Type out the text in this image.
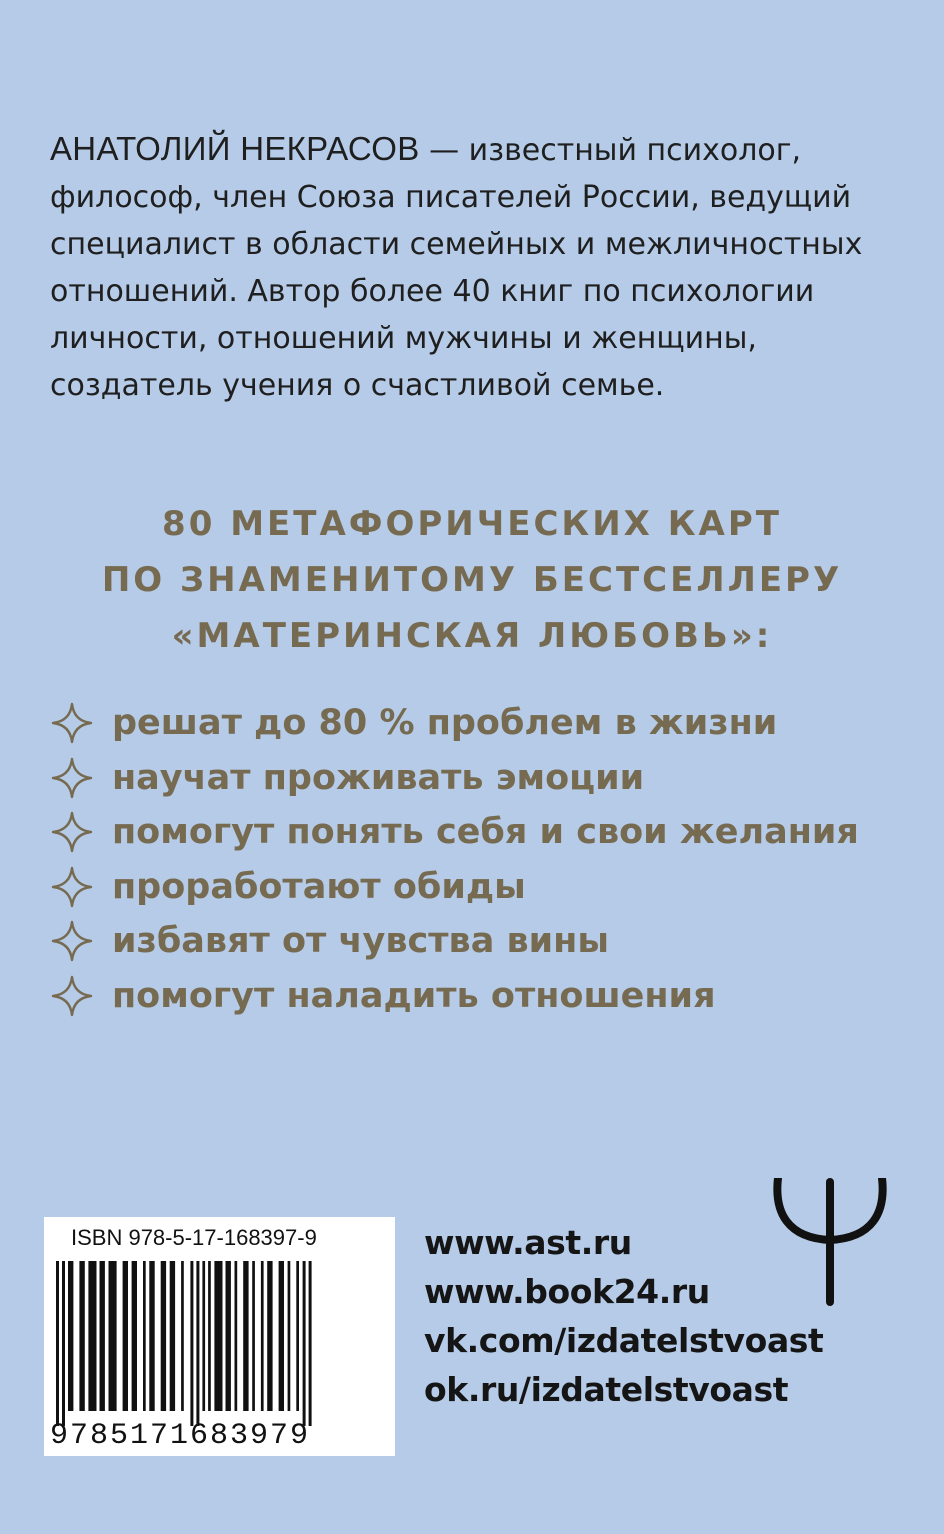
АНАТОЛИЙ НЕКРАСОВ — известный психолог,
философ, член Союза писателей России, ведущий
специалист в области семейных и межличностных
отношений. Автор более 40 книг по психологии
личности, отношений мужчины и женщины,
создатель учения о счастливой семье.
80 МЕТАФОРИЧЕСКИХ КАРТ
ПО ЗНАМЕНИТОМУ БЕСТСЕЛЛЕРУ
«МАТЕРИНСКАЯ ЛЮБОВЬ»:
решат до 80 % проблем в жизни
научат проживать эмоции
помогут понять себя и свои желания
проработают обиды
избавят от чувства вины
помогут наладить отношения
ISBN 978-5-17-168397-9
9785171683979
www.ast.ru
www.book24.ru
vk.com/izdatelstvoast
ok.ru/izdatelstvoast
